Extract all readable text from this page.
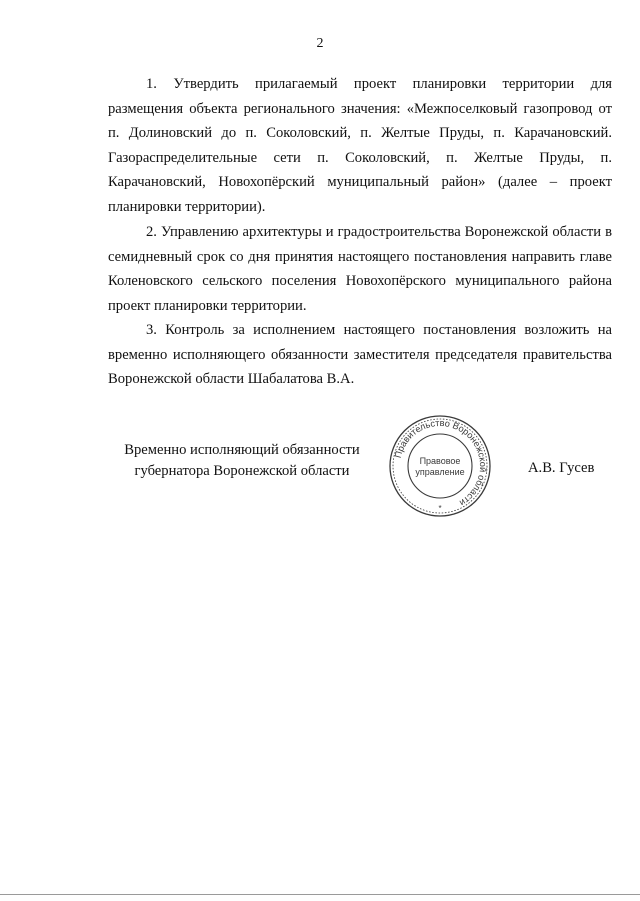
2

1. Утвердить прилагаемый проект планировки территории для размещения объекта регионального значения: «Межпоселковый газопровод от п. Долиновский до п. Соколовский, п. Желтые Пруды, п. Карачановский. Газораспределительные сети п. Соколовский, п. Желтые Пруды, п. Карачановский, Новохопёрский муниципальный район» (далее – проект планировки территории).

2. Управлению архитектуры и градостроительства Воронежской области в семидневный срок со дня принятия настоящего постановления направить главе Коленовского сельского поселения Новохопёрского муниципального района проект планировки территории.

3. Контроль за исполнением настоящего постановления возложить на временно исполняющего обязанности заместителя председателя правительства Воронежской области Шабалатова В.А.

Временно исполняющий обязанности
губернатора Воронежской области
Правительство Воронежской области
Правовое
управление
*
А.В. Гусев
